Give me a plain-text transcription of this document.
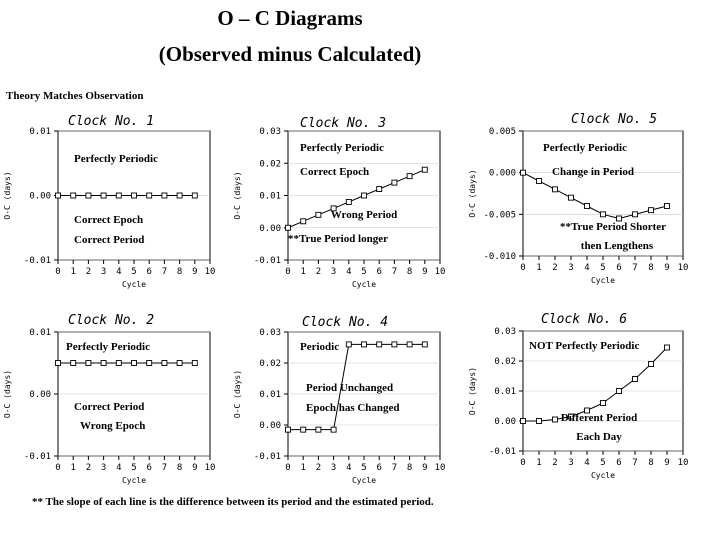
O – C Diagrams
(Observed minus Calculated)
Theory Matches Observation
0.01
0.00
-0.01
0 1 2 3 4 5 6 7 8 9 10
Cycle
O-C (days)
Clock No. 1
Perfectly Periodic
Correct Epoch
Correct Period
0.03
0.02
0.01
0.00
-0.01
0 1 2 3 4 5 6 7 8 9 10
Cycle
O-C (days)
Clock No. 3
Perfectly Periodic
Correct Epoch
Wrong Period
**True Period longer
0.005
0.000
-0.005
-0.010
0 1 2 3 4 5 6 7 8 9 10
Cycle
O-C (days)
Clock No. 5
Perfectly Periodic
Change in Period
**True Period Shorter
then Lengthens
0.01
0.00
-0.01
0 1 2 3 4 5 6 7 8 9 10
Cycle
O-C (days)
Clock No. 2
Perfectly Periodic
Correct Period
Wrong Epoch
0.03
0.02
0.01
0.00
-0.01
0 1 2 3 4 5 6 7 8 9 10
Cycle
O-C (days)
Clock No. 4
Periodic
Period Unchanged
Epoch has Changed
0.03
0.02
0.01
0.00
-0.01
0 1 2 3 4 5 6 7 8 9 10
Cycle
O-C (days)
Clock No. 6
NOT Perfectly Periodic
Different Period
Each Day
** The slope of each line is the difference between its period and the estimated period.
